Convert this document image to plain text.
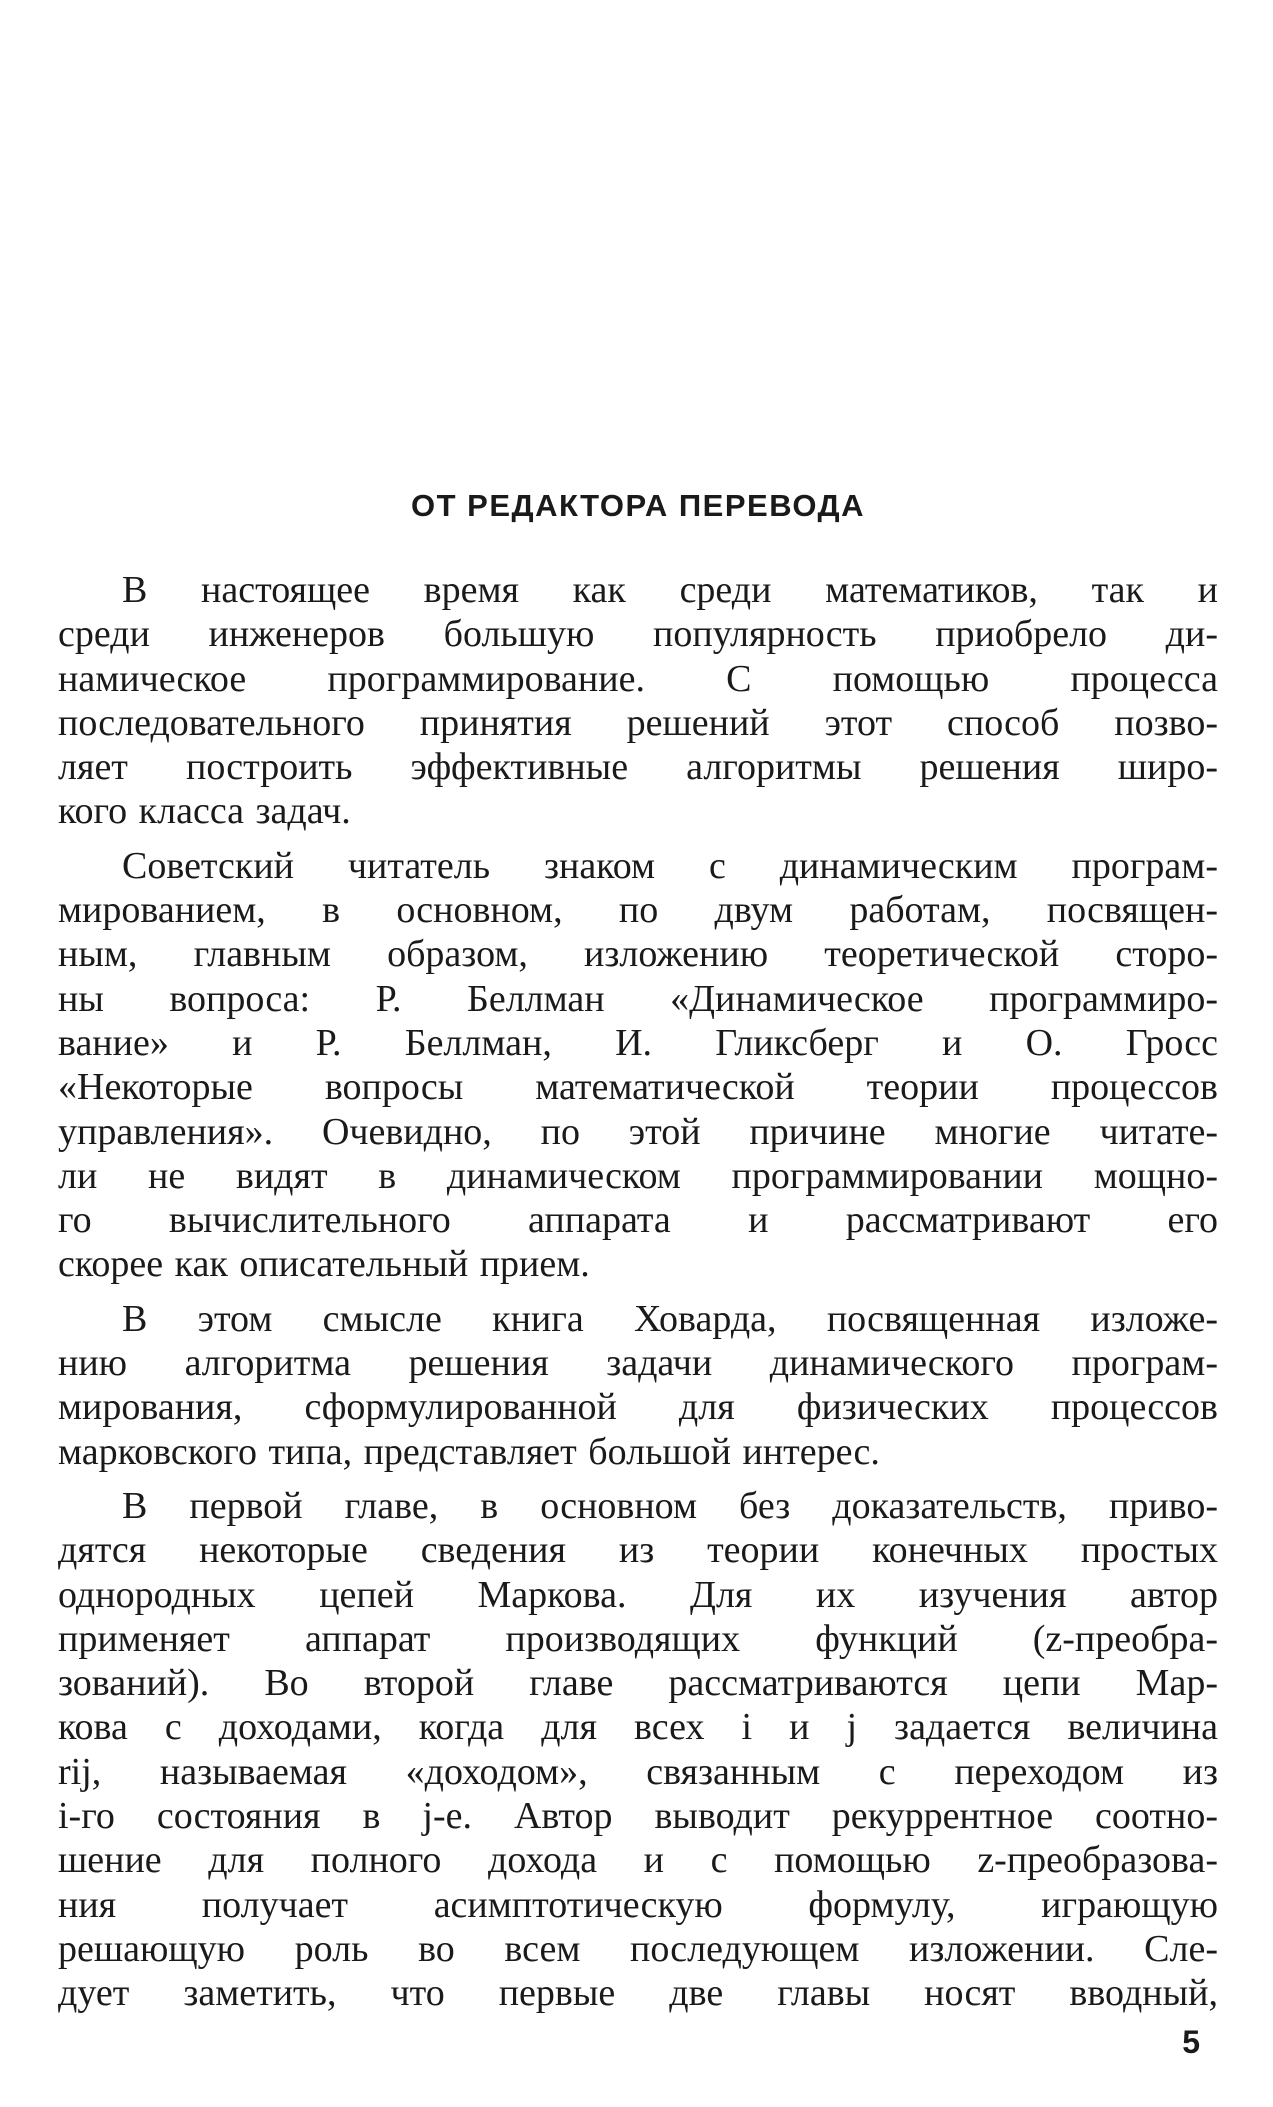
ОТ РЕДАКТОРА ПЕРЕВОДА
В настоящее время как среди математиков, так и
среди инженеров большую популярность приобрело ди-
намическое программирование. С помощью процесса
последовательного принятия решений этот способ позво-
ляет построить эффективные алгоритмы решения широ-
кого класса задач.
Советский читатель знаком с динамическим програм-
мированием, в основном, по двум работам, посвящен-
ным, главным образом, изложению теоретической сторо-
ны вопроса: Р. Беллман «Динамическое программиро-
вание» и Р. Беллман, И. Гликсберг и О. Гросс
«Некоторые вопросы математической теории процессов
управления». Очевидно, по этой причине многие читате-
ли не видят в динамическом программировании мощно-
го вычислительного аппарата и рассматривают его
скорее как описательный прием.
В этом смысле книга Ховарда, посвященная изложе-
нию алгоритма решения задачи динамического програм-
мирования, сформулированной для физических процессов
марковского типа, представляет большой интерес.
В первой главе, в основном без доказательств, приво-
дятся некоторые сведения из теории конечных простых
однородных цепей Маркова. Для их изучения автор
применяет аппарат производящих функций (z-преобра-
зований). Во второй главе рассматриваются цепи Мар-
кова с доходами, когда для всех i и j задается величина
rij, называемая «доходом», связанным с переходом из
i-го состояния в j-е. Автор выводит рекуррентное соотно-
шение для полного дохода и с помощью z-преобразова-
ния получает асимптотическую формулу, играющую
решающую роль во всем последующем изложении. Сле-
дует заметить, что первые две главы носят вводный,
5
